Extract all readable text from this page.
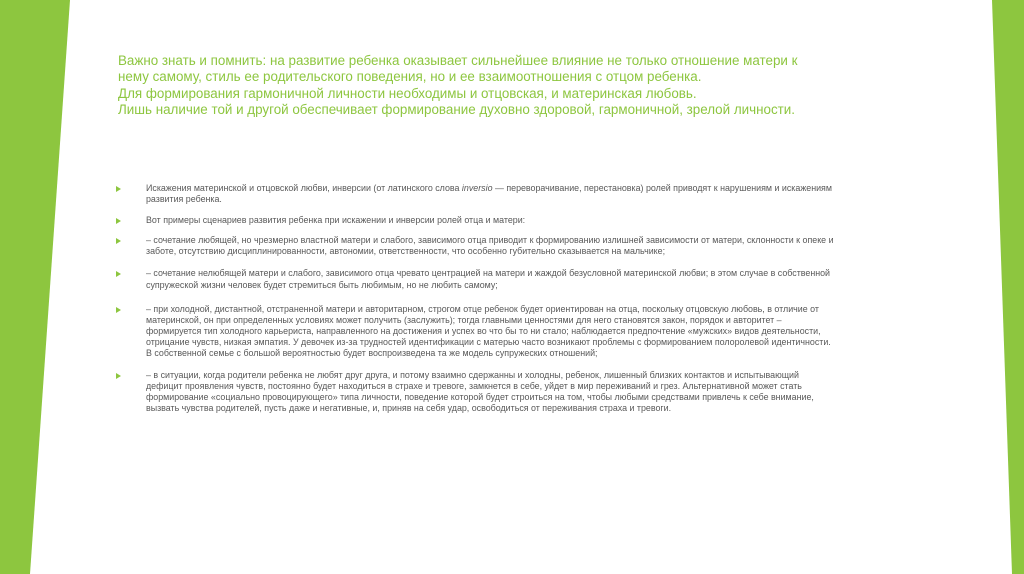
Важно знать и помнить: на развитие ребенка оказывает сильнейшее влияние не только отношение матери к нему самому, стиль ее родительского поведения, но и ее взаимоотношения с отцом ребенка.

Для формирования гармоничной личности необходимы и отцовская, и материнская любовь.

Лишь наличие той и другой обеспечивает формирование духовно здоровой, гармоничной, зрелой личности.

Искажения материнской и отцовской любви, инверсии (от латинского слова inversio — переворачивание, перестановка) ролей приводят к нарушениям и искажениям развития ребенка.
Вот примеры сценариев развития ребенка при искажении и инверсии ролей отца и матери:
– сочетание любящей, но чрезмерно властной матери и слабого, зависимого отца приводит к формированию излишней зависимости от матери, склонности к опеке и заботе, отсутствию дисциплинированности, автономии, ответственности, что особенно губительно сказывается на мальчике;
– сочетание нелюбящей матери и слабого, зависимого отца чревато центрацией на матери и жаждой безусловной материнской любви; в этом случае в собственной супружеской жизни человек будет стремиться быть любимым, но не любить самому;
– при холодной, дистантной, отстраненной матери и авторитарном, строгом отце ребенок будет ориентирован на отца, поскольку отцовскую любовь, в отличие от материнской, он при определенных условиях может получить (заслужить); тогда главными ценностями для него становятся закон, порядок и авторитет – формируется тип холодного карьериста, направленного на достижения и успех во что бы то ни стало; наблюдается предпочтение «мужских» видов деятельности, отрицание чувств, низкая эмпатия. У девочек из-за трудностей идентификации с матерью часто возникают проблемы с формированием полоролевой идентичности. В собственной семье с большой вероятностью будет воспроизведена та же модель супружеских отношений;
– в ситуации, когда родители ребенка не любят друг друга, и потому взаимно сдержанны и холодны, ребенок, лишенный близких контактов и испытывающий дефицит проявления чувств, постоянно будет находиться в страхе и тревоге, замкнется в себе, уйдет в мир переживаний и грез. Альтернативной может стать формирование «социально провоцирующего» типа личности, поведение которой будет строиться на том, чтобы любыми средствами привлечь к себе внимание, вызвать чувства родителей, пусть даже и негативные, и, приняв на себя удар, освободиться от переживания страха и тревоги.
